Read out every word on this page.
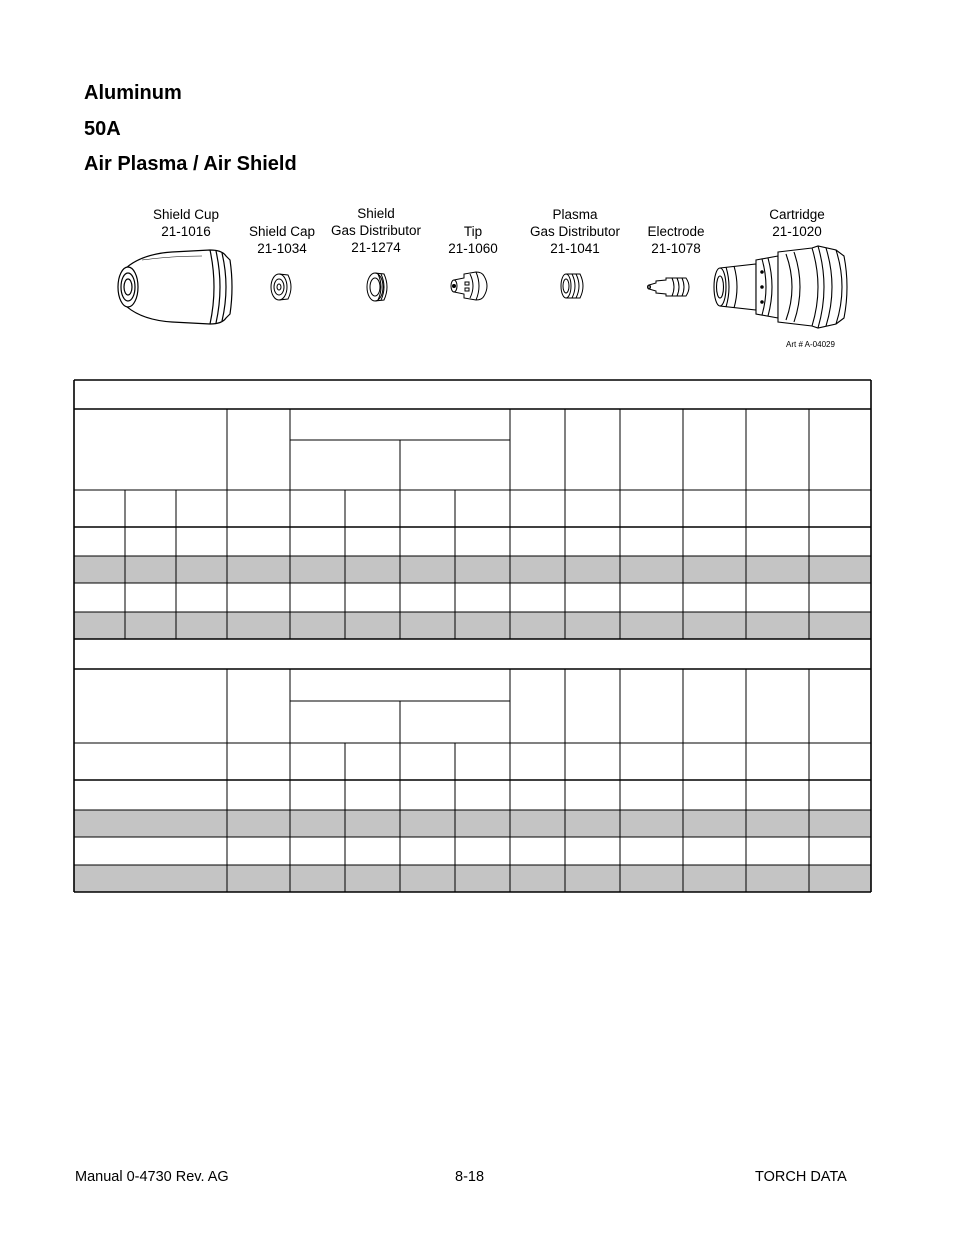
Aluminum
50A
Air Plasma / Air Shield
Shield Cup
21-1016	Shield Cap
21-1034
Shield
Gas Distributor
21-1274
Tip
21-1060
Plasma
Gas Distributor
21-1041
Electrode
21-1078
Cartridge
21-1020
Art # A-04029
Manual 0-4730 Rev. AG	8-18	TORCH DATA
